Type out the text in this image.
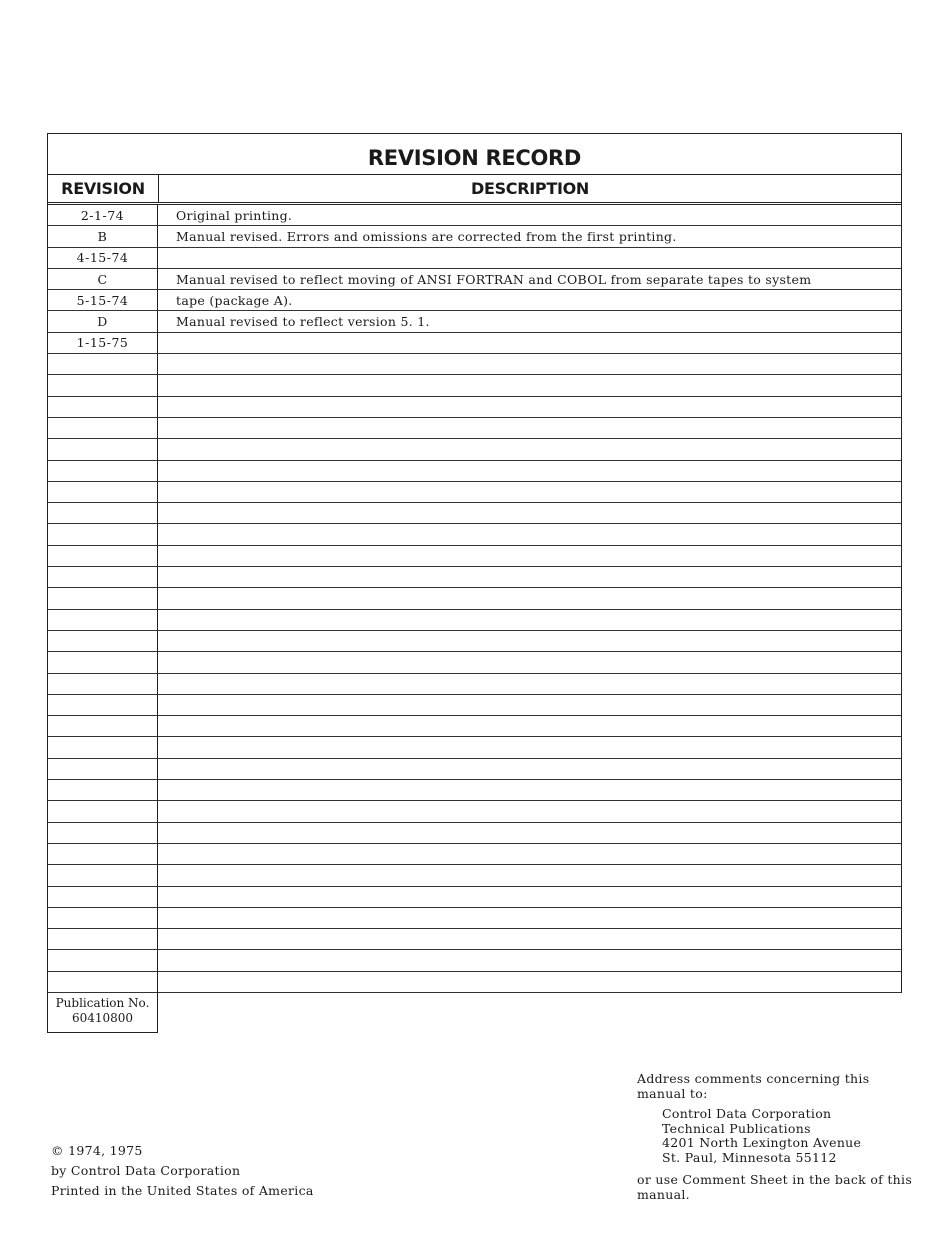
REVISION RECORD
REVISION	DESCRIPTION
2-1-74	Original printing.
B	Manual revised. Errors and omissions are corrected from the first printing.
4-15-74
C	Manual revised to reflect moving of ANSI FORTRAN and COBOL from separate tapes to system
5-15-74	tape (package A).
D	Manual revised to reflect version 5. 1.
1-15-75
Publication No.
60410800
© 1974, 1975
by Control Data Corporation
Printed in the United States of America
Address comments concerning this manual to:
Control Data Corporation
Technical Publications
4201 North Lexington Avenue
St. Paul, Minnesota 55112
or use Comment Sheet in the back of this manual.
